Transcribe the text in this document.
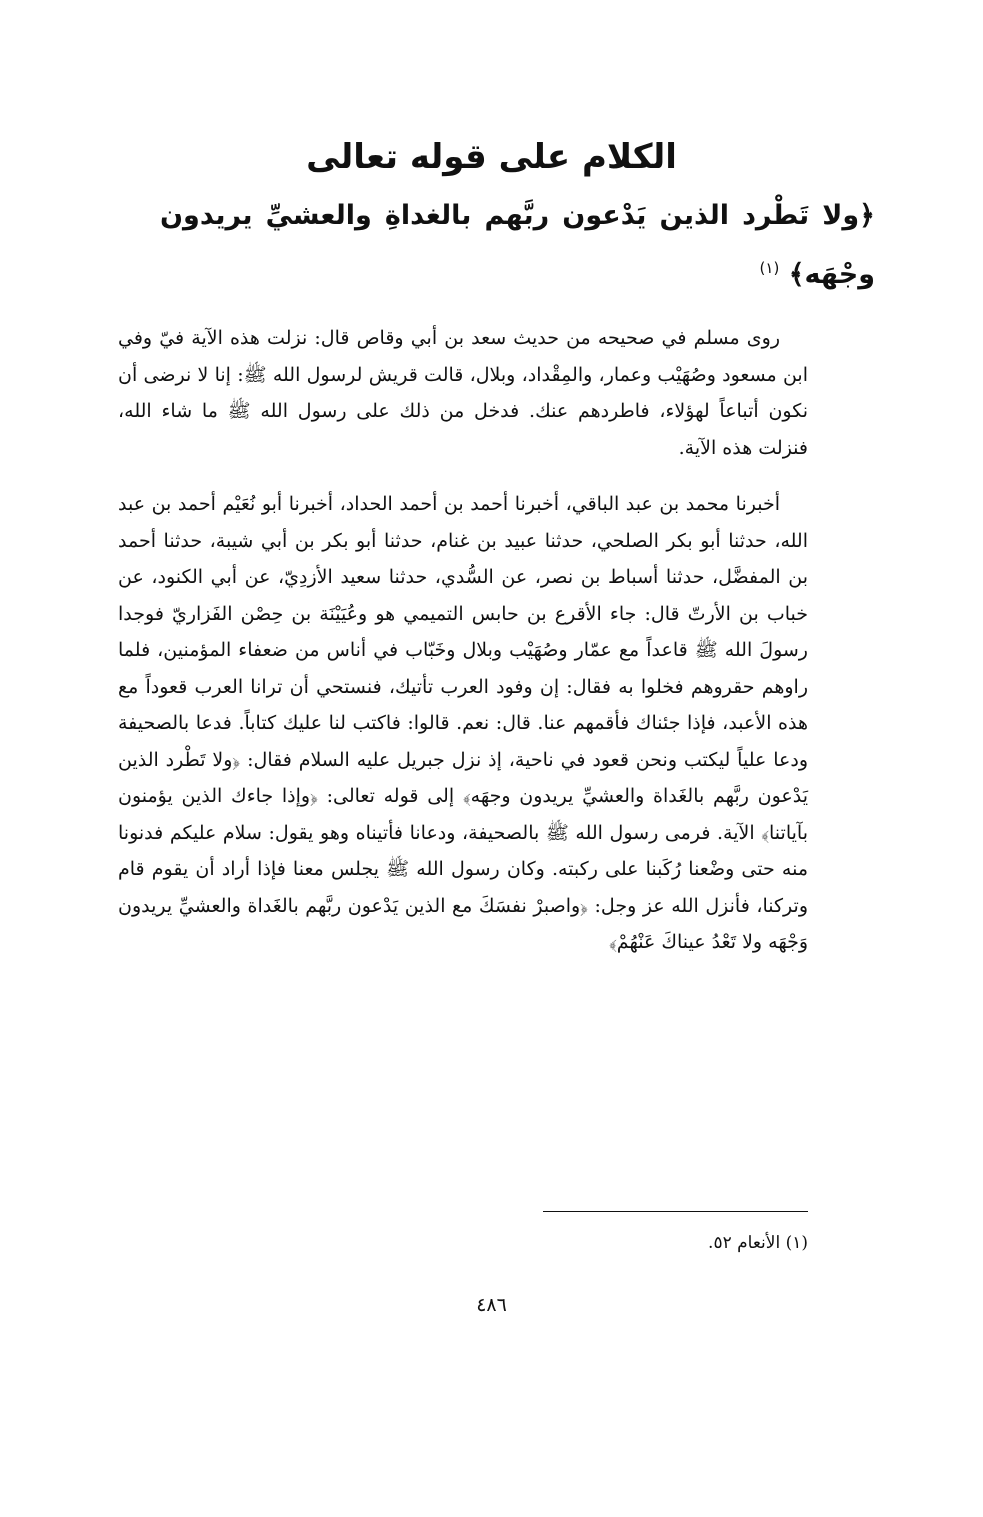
الكلام على قوله تعالى
﴿ولا تَطْرد الذين يَدْعون ربَّهم بالغداةِ والعشيِّ يريدون وجْهَه﴾ $^{(١)}$

روى مسلم في صحيحه من حديث سعد بن أبي وقاص قال: نزلت هذه الآية فيّ وفي ابن مسعود وصُهَيْب وعمار، والمِقْداد، وبلال، قالت قريش لرسول الله ﷺ: إنا لا نرضى أن نكون أتباعاً لهؤلاء، فاطردهم عنك. فدخل من ذلك على رسول الله ﷺ ما شاء الله، فنزلت هذه الآية.

أخبرنا محمد بن عبد الباقي، أخبرنا أحمد بن أحمد الحداد، أخبرنا أبو نُعَيْم أحمد بن عبد الله، حدثنا أبو بكر الصلحي، حدثنا عبيد بن غنام، حدثنا أبو بكر بن أبي شيبة، حدثنا أحمد بن المفضَّل، حدثنا أسباط بن نصر، عن السُّدي، حدثنا سعيد الأزدِيّ، عن أبي الكنود، عن خباب بن الأرتّ قال: جاء الأقرع بن حابس التميمي هو وعُيَيْنَة بن حِصْن الفَزاريّ فوجدا رسولَ الله ﷺ قاعداً مع عمّار وصُهَيْب وبلال وخَبّاب في أناس من ضعفاء المؤمنين، فلما راوهم حقروهم فخلوا به فقال: إن وفود العرب تأتيك، فنستحي أن ترانا العرب قعوداً مع هذه الأعبد، فإذا جئناك فأقمهم عنا. قال: نعم. قالوا: فاكتب لنا عليك كتاباً. فدعا بالصحيفة ودعا علياً ليكتب ونحن قعود في ناحية، إذ نزل جبريل عليه السلام فقال: ﴿ولا تَطْرد الذين يَدْعون ربَّهم بالغَداة والعشيِّ يريدون وجهَه﴾ إلى قوله تعالى: ﴿وإذا جاءك الذين يؤمنون بآياتنا﴾ الآية. فرمى رسول الله ﷺ بالصحيفة، ودعانا فأتيناه وهو يقول: سلام عليكم فدنونا منه حتى وضْعنا رُكَبنا على ركبته. وكان رسول الله ﷺ يجلس معنا فإذا أراد أن يقوم قام وتركنا، فأنزل الله عز وجل: ﴿واصبرْ نفسَكَ مع الذين يَدْعون ربَّهم بالغَداة والعشيِّ يريدون وَجْهَه ولا تَعْدُ عيناكَ عَنْهُمْ﴾

(١) الأنعام ٥٢.

٤٨٦
